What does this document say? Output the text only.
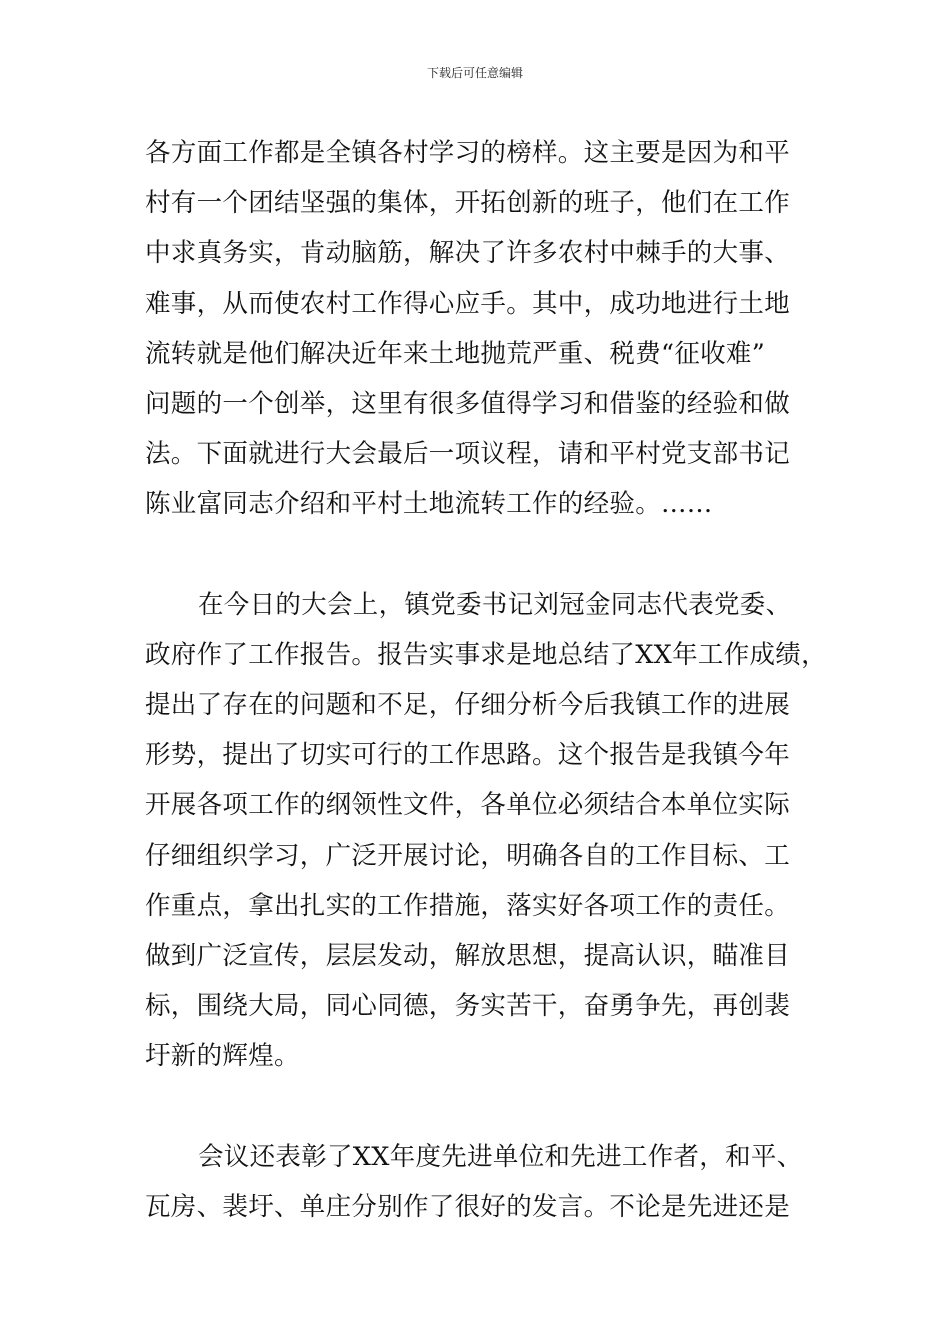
下载后可任意编辑
各方面工作都是全镇各村学习的榜样。这主要是因为和平
村有一个团结坚强的集体，开拓创新的班子，他们在工作
中求真务实，肯动脑筋，解决了许多农村中棘手的大事、
难事，从而使农村工作得心应手。其中，成功地进行土地
流转就是他们解决近年来土地抛荒严重、税费“征收难”
问题的一个创举，这里有很多值得学习和借鉴的经验和做
法。下面就进行大会最后一项议程，请和平村党支部书记
陈业富同志介绍和平村土地流转工作的经验。……
在今日的大会上，镇党委书记刘冠金同志代表党委、
政府作了工作报告。报告实事求是地总结了XX年工作成绩，
提出了存在的问题和不足，仔细分析今后我镇工作的进展
形势，提出了切实可行的工作思路。这个报告是我镇今年
开展各项工作的纲领性文件，各单位必须结合本单位实际
仔细组织学习，广泛开展讨论，明确各自的工作目标、工
作重点，拿出扎实的工作措施，落实好各项工作的责任。
做到广泛宣传，层层发动，解放思想，提高认识，瞄准目
标，围绕大局，同心同德，务实苦干，奋勇争先，再创裴
圩新的辉煌。
会议还表彰了XX年度先进单位和先进工作者，和平、
瓦房、裴圩、单庄分别作了很好的发言。不论是先进还是
